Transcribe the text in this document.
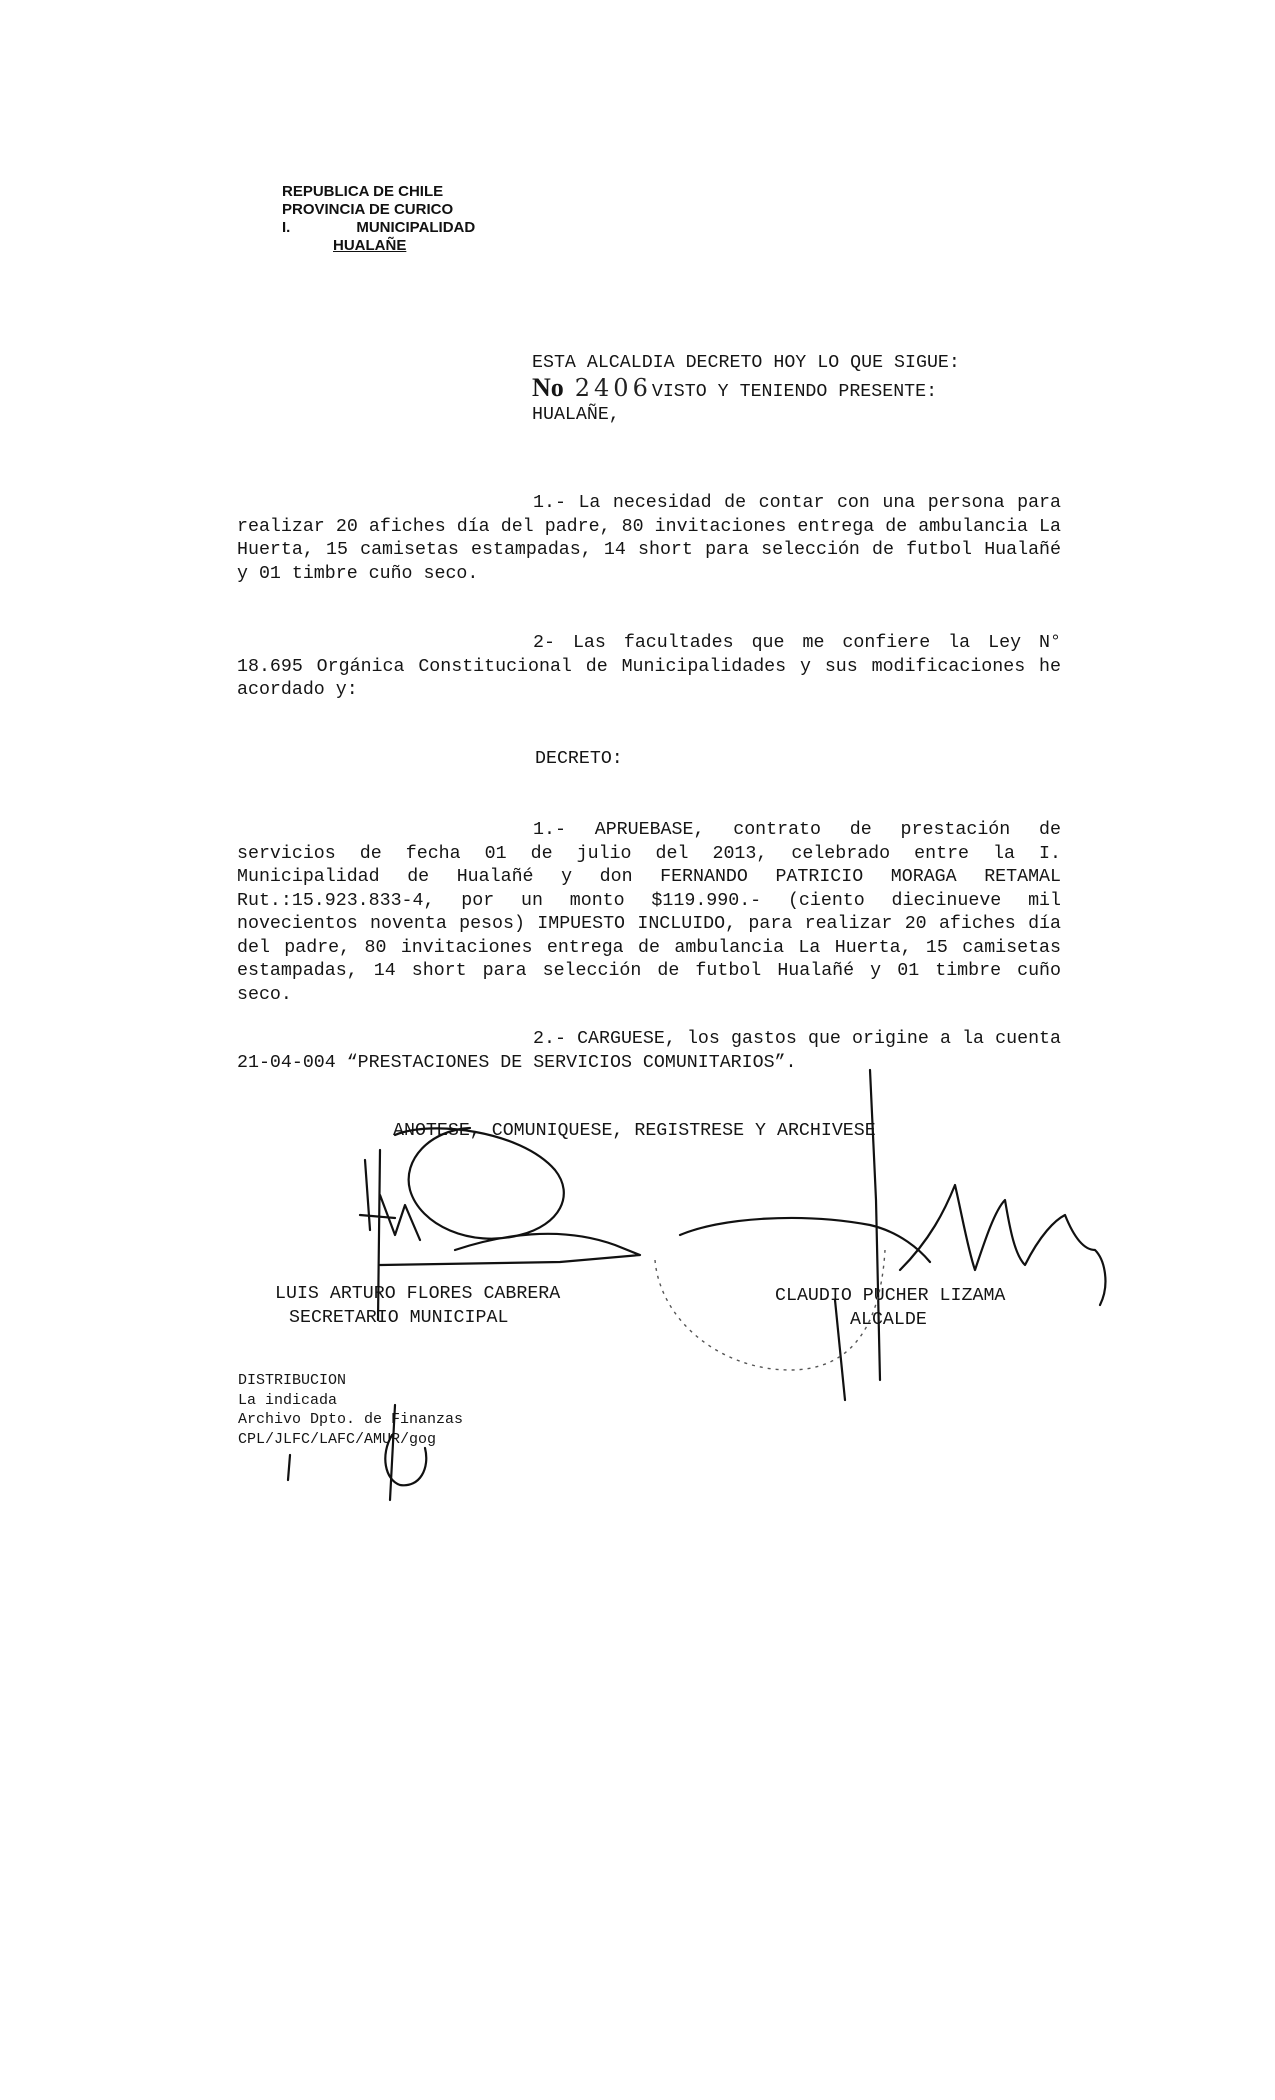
REPUBLICA DE CHILE
PROVINCIA DE CURICO
I.	MUNICIPALIDAD
HUALAÑE
ESTA ALCALDIA DECRETO HOY LO QUE SIGUE:
No 2406VISTO Y TENIENDO PRESENTE:
HUALAÑE,

1.- La necesidad de contar con una persona para realizar 20 afiches día del padre, 80 invitaciones entrega de ambulancia La Huerta, 15 camisetas estampadas, 14 short para selección de futbol Hualañé y 01 timbre cuño seco.

2- Las facultades que me confiere la Ley N° 18.695 Orgánica Constitucional de Municipalidades y sus modificaciones he acordado y:

DECRETO:

1.- APRUEBASE, contrato de prestación de servicios de fecha 01 de julio del 2013, celebrado entre la I. Municipalidad de Hualañé y don FERNANDO PATRICIO MORAGA RETAMAL Rut.:15.923.833-4, por un monto $119.990.- (ciento diecinueve mil novecientos noventa pesos) IMPUESTO INCLUIDO, para realizar 20 afiches día del padre, 80 invitaciones entrega de ambulancia La Huerta, 15 camisetas estampadas, 14 short para selección de futbol Hualañé y 01 timbre cuño seco.

2.- CARGUESE, los gastos que origine a la cuenta 21-04-004 “PRESTACIONES DE SERVICIOS COMUNITARIOS”.

ANOTESE, COMUNIQUESE, REGISTRESE Y ARCHIVESE
LUIS ARTURO FLORES CABRERA
SECRETARIO MUNICIPAL
CLAUDIO PUCHER LIZAMA
ALCALDE
DISTRIBUCION
La indicada
Archivo Dpto. de Finanzas
CPL/JLFC/LAFC/AMUR/gog
